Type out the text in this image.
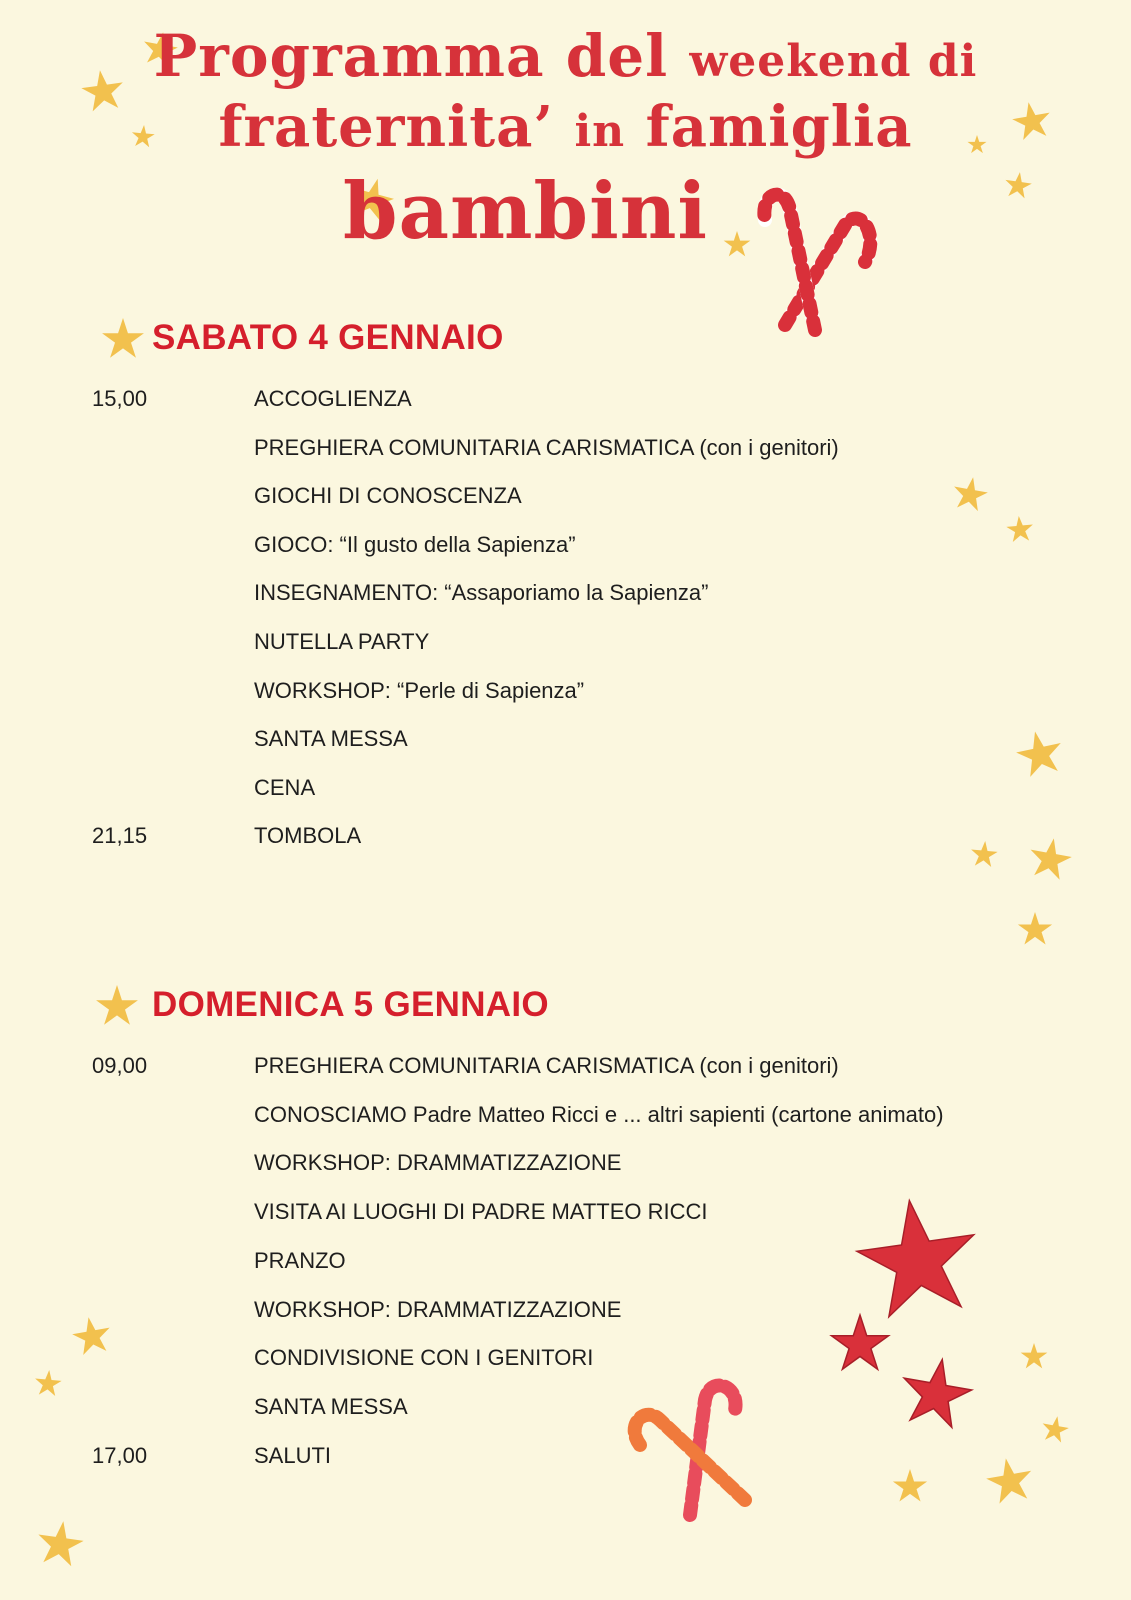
Programma del weekend di
fraternita’ in famiglia
bambini
SABATO 4 GENNAIO
15,00	ACCOGLIENZA
PREGHIERA COMUNITARIA CARISMATICA (con i genitori)
GIOCHI DI CONOSCENZA
GIOCO: “Il gusto della Sapienza”
INSEGNAMENTO: “Assaporiamo la Sapienza”
NUTELLA PARTY
WORKSHOP: “Perle di Sapienza”
SANTA MESSA
CENA
21,15	TOMBOLA
DOMENICA 5 GENNAIO
09,00	PREGHIERA COMUNITARIA CARISMATICA (con i genitori)
CONOSCIAMO Padre Matteo Ricci e ... altri sapienti (cartone animato)
WORKSHOP: DRAMMATIZZAZIONE
VISITA AI LUOGHI DI PADRE MATTEO RICCI
PRANZO
WORKSHOP: DRAMMATIZZAZIONE
CONDIVISIONE CON I GENITORI
SANTA MESSA
17,00	SALUTI
